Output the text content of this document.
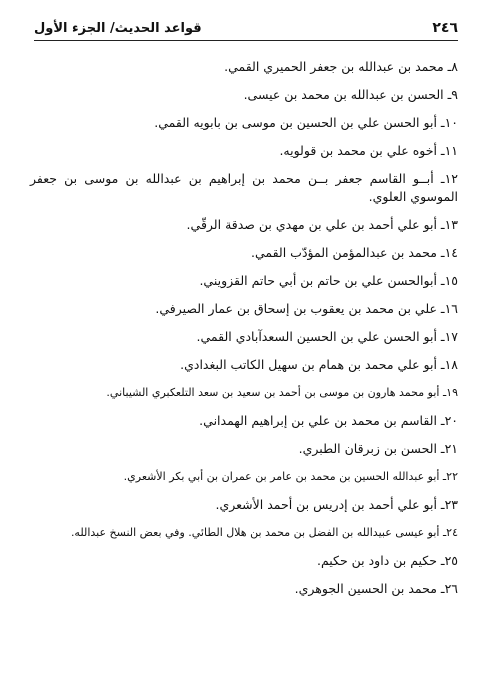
٢٤٦
قواعد الحديث/ الجزء الأول
٨ـ محمد بن عبدالله بن جعفر الحميري القمي.
٩ـ الحسن بن عبدالله بن محمد بن عيسى.
١٠ـ أبو الحسن علي بن الحسين بن موسى بن بابويه القمي.
١١ـ أخوه علي بن محمد بن قولويه.
١٢ـ أبــو القاسم جعفر بــن محمد بن إبراهيم بن عبدالله بن موسى بن جعفر الموسوي العلوي.
١٣ـ أبو علي أحمد بن علي بن مهدي بن صدقة الرقّي.
١٤ـ محمد بن عبدالمؤمن المؤدّب القمي.
١٥ـ أبوالحسن علي بن حاتم بن أبي حاتم القزويني.
١٦ـ علي بن محمد بن يعقوب بن إسحاق بن عمار الصيرفي.
١٧ـ أبو الحسن علي بن الحسين السعدآبادي القمي.
١٨ـ أبو علي محمد بن همام بن سهيل الكاتب البغدادي.
١٩ـ أبو محمد هارون بن موسى بن أحمد بن سعيد بن سعد التلعكبري الشيباني.
٢٠ـ القاسم بن محمد بن علي بن إبراهيم الهمداني.
٢١ـ الحسن بن زبرقان الطبري.
٢٢ـ أبو عبدالله الحسين بن محمد بن عامر بن عمران بن أبي بكر الأشعري.
٢٣ـ أبو علي أحمد بن إدريس بن أحمد الأشعري.
٢٤ـ أبو عيسى عبيدالله بن الفضل بن محمد بن هلال الطائي. وفي بعض النسخ عبدالله.
٢٥ـ حكيم بن داود بن حكيم.
٢٦ـ محمد بن الحسين الجوهري.
